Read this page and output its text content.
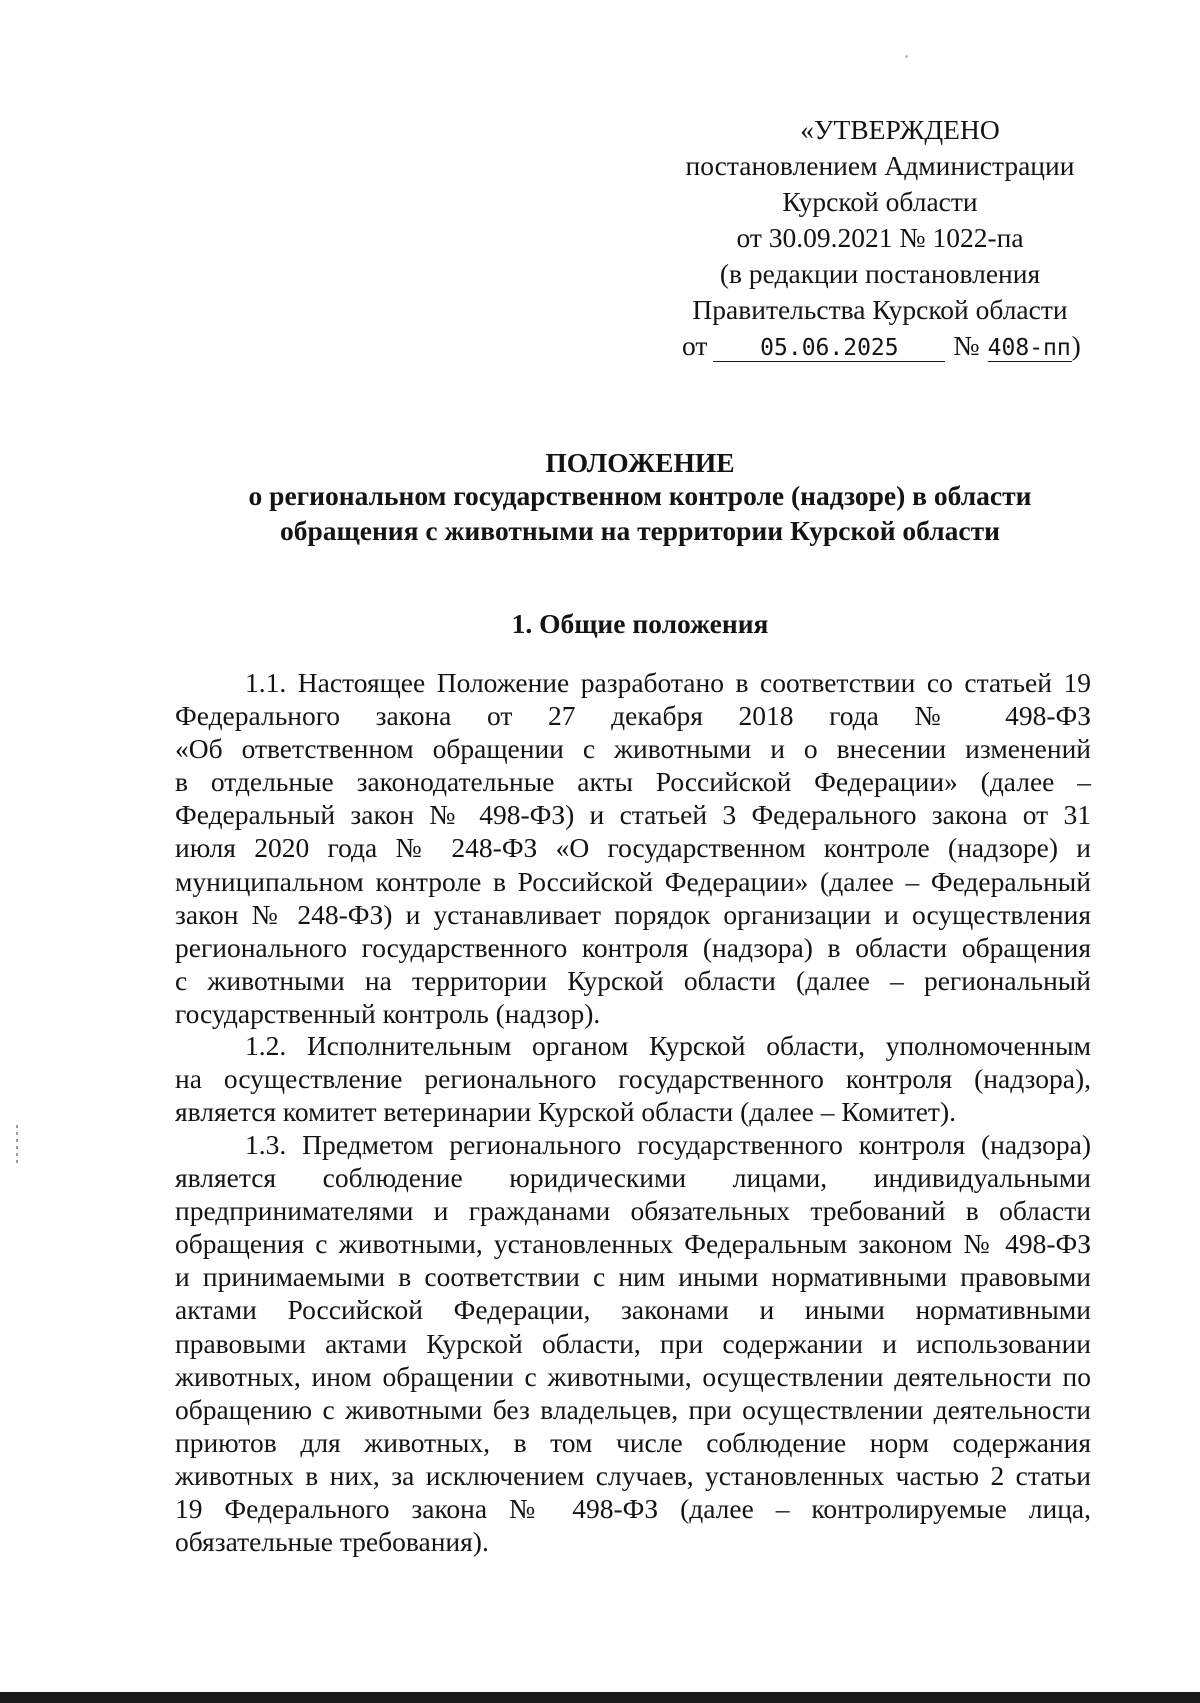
«УТВЕРЖДЕНО
постановлением Администрации
Курской области
от 30.09.2021 № 1022-па
(в редакции постановления
Правительства Курской области
от 05.06.2025 № 408-пп)
ПОЛОЖЕНИЕ
о региональном государственном контроле (надзоре) в области
обращения с животными на территории Курской области
1. Общие положения
1.1. Настоящее Положение разработано в соответствии со статьей 19
Федерального закона от 27 декабря 2018 года № 498-ФЗ
«Об ответственном обращении с животными и о внесении изменений
в отдельные законодательные акты Российской Федерации» (далее –
Федеральный закон № 498-ФЗ) и статьей 3 Федерального закона от 31
июля 2020 года № 248-ФЗ «О государственном контроле (надзоре) и
муниципальном контроле в Российской Федерации» (далее – Федеральный
закон № 248-ФЗ) и устанавливает порядок организации и осуществления
регионального государственного контроля (надзора) в области обращения
с животными на территории Курской области (далее – региональный
государственный контроль (надзор).
1.2. Исполнительным органом Курской области, уполномоченным
на осуществление регионального государственного контроля (надзора),
является комитет ветеринарии Курской области (далее – Комитет).
1.3. Предметом регионального государственного контроля (надзора)
является соблюдение юридическими лицами, индивидуальными
предпринимателями и гражданами обязательных требований в области
обращения с животными, установленных Федеральным законом № 498-ФЗ
и принимаемыми в соответствии с ним иными нормативными правовыми
актами Российской Федерации, законами и иными нормативными
правовыми актами Курской области, при содержании и использовании
животных, ином обращении с животными, осуществлении деятельности по
обращению с животными без владельцев, при осуществлении деятельности
приютов для животных, в том числе соблюдение норм содержания
животных в них, за исключением случаев, установленных частью 2 статьи
19 Федерального закона № 498-ФЗ (далее – контролируемые лица,
обязательные требования).
